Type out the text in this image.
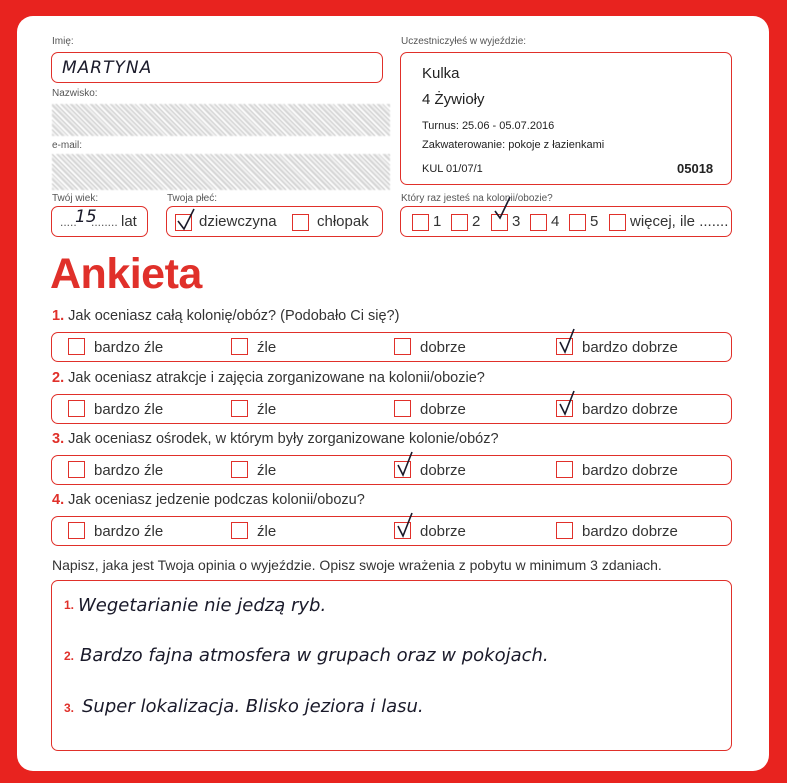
Imię:
MARTYNA
Nazwisko:
e-mail:
Twój wiek:
.....
15
........ lat
Twoja płeć:
dziewczyna	chłopak
Uczestniczyłeś w wyjeździe:
Kulka
4 Żywioły
Turnus: 25.06 - 05.07.2016
Zakwaterowanie: pokoje z łazienkami
KUL 01/07/1	05018
Który raz jesteś na kolonii/obozie?
1 2 3 4 5 więcej, ile .......
Ankieta
1. Jak oceniasz całą kolonię/obóz? (Podobało Ci się?)
2. Jak oceniasz atrakcje i zajęcia zorganizowane na kolonii/obozie?
3. Jak oceniasz ośrodek, w którym były zorganizowane kolonie/obóz?
4. Jak oceniasz jedzenie podczas kolonii/obozu?
bardzo źle	źle	dobrze	bardzo dobrze
bardzo źle	źle	dobrze	bardzo dobrze
bardzo źle	źle	dobrze	bardzo dobrze
bardzo źle	źle	dobrze	bardzo dobrze
Napisz, jaka jest Twoja opinia o wyjeździe. Opisz swoje wrażenia z pobytu w minimum 3 zdaniach.
1. Wegetarianie nie jedzą ryb.
2. Bardzo fajna atmosfera w grupach oraz w pokojach.
3. Super lokalizacja. Blisko jeziora i lasu.
